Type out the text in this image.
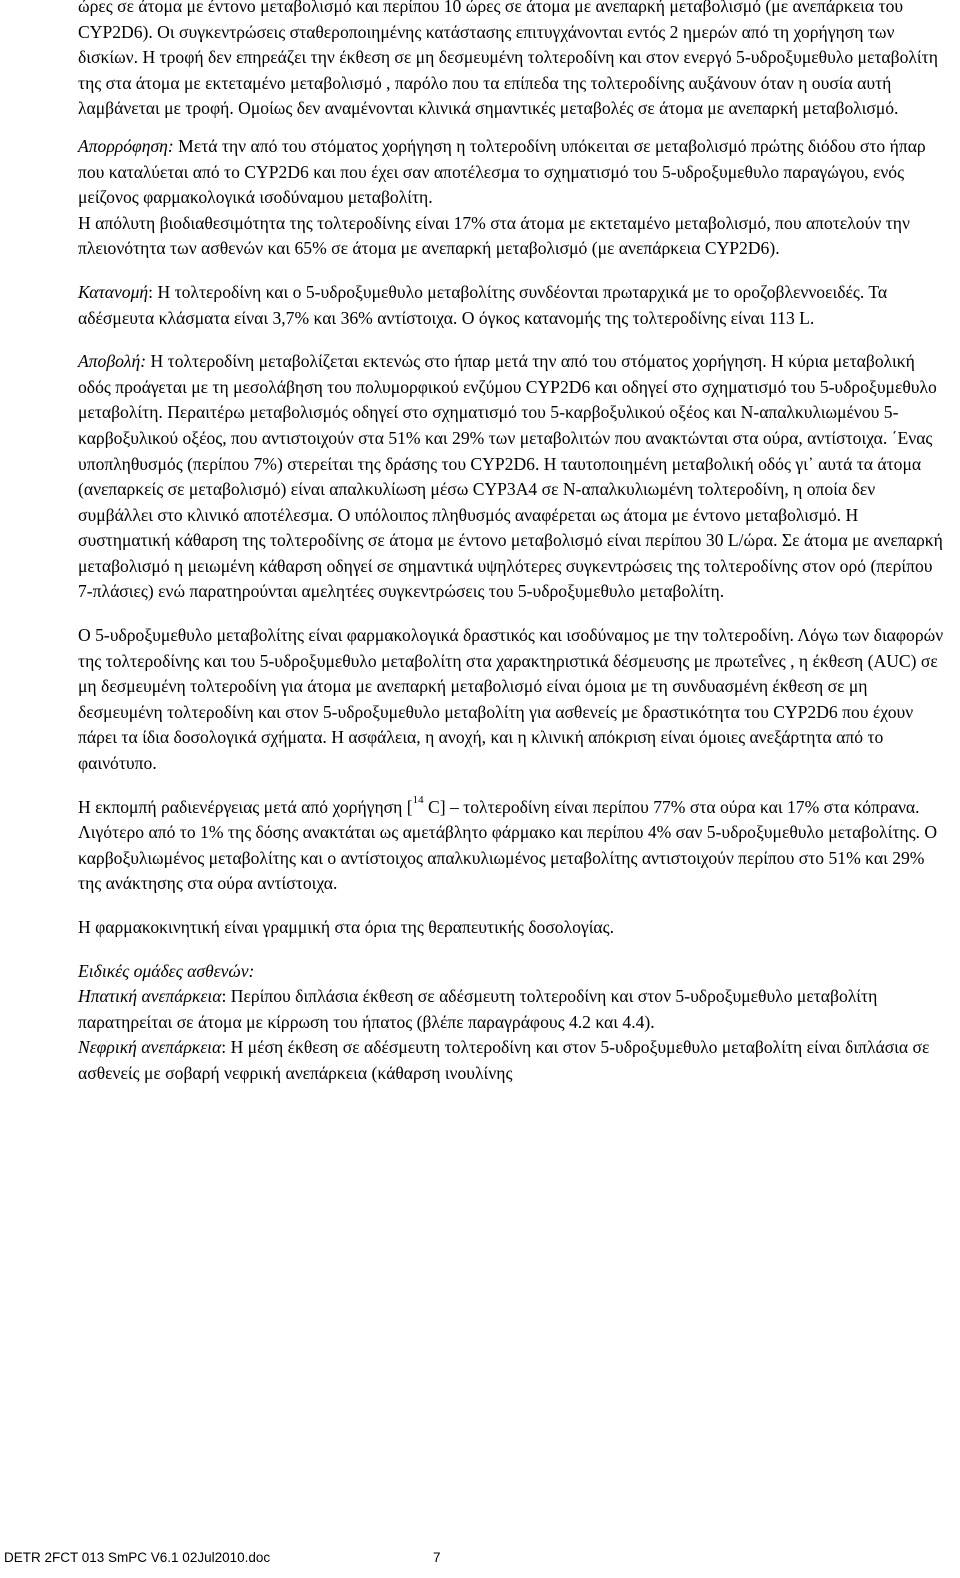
ώρες σε άτομα με έντονο μεταβολισμό και περίπου 10 ώρες σε άτομα με ανεπαρκή μεταβολισμό (με ανεπάρκεια του CYP2D6). Οι συγκεντρώσεις σταθεροποιημένης κατάστασης επιτυγχάνονται εντός 2 ημερών από τη χορήγηση των δισκίων. Η τροφή δεν επηρεάζει την έκθεση σε μη δεσμευμένη τολτεροδίνη και στον ενεργό 5-υδροξυμεθυλο μεταβολίτη της στα άτομα με εκτεταμένο μεταβολισμό , παρόλο που τα επίπεδα της τολτεροδίνης αυξάνουν όταν η ουσία αυτή λαμβάνεται με τροφή. Ομοίως δεν αναμένονται κλινικά σημαντικές μεταβολές σε άτομα με ανεπαρκή μεταβολισμό.

Απορρόφηση: Μετά την από του στόματος χορήγηση η τολτεροδίνη υπόκειται σε μεταβολισμό πρώτης διόδου στο ήπαρ που καταλύεται από το CYP2D6 και που έχει σαν αποτέλεσμα το σχηματισμό του 5-υδροξυμεθυλο παραγώγου, ενός μείζονος φαρμακολογικά ισοδύναμου μεταβολίτη.

Η απόλυτη βιοδιαθεσιμότητα της τολτεροδίνης είναι 17% στα άτομα με εκτεταμένο μεταβολισμό, που αποτελούν την πλειονότητα των ασθενών και 65% σε άτομα με ανεπαρκή μεταβολισμό (με ανεπάρκεια CYP2D6).

Κατανομή: Η τολτεροδίνη και ο 5-υδροξυμεθυλο μεταβολίτης συνδέονται πρωταρχικά με το οροζοβλεννοειδές. Τα αδέσμευτα κλάσματα είναι 3,7% και 36% αντίστοιχα. Ο όγκος κατανομής της τολτεροδίνης είναι 113 L.

Αποβολή: Η τολτεροδίνη μεταβολίζεται εκτενώς στο ήπαρ μετά την από του στόματος χορήγηση. Η κύρια μεταβολική οδός προάγεται με τη μεσολάβηση του πολυμορφικού ενζύμου CYP2D6 και οδηγεί στο σχηματισμό του 5-υδροξυμεθυλο μεταβολίτη. Περαιτέρω μεταβολισμός οδηγεί στο σχηματισμό του 5-καρβοξυλικού οξέος και Ν-απαλκυλιωμένου 5-καρβοξυλικού οξέος, που αντιστοιχούν στα 51% και 29% των μεταβολιτών που ανακτώνται στα ούρα, αντίστοιχα. ΄Ενας υποπληθυσμός (περίπου 7%) στερείται της δράσης του CYP2D6. Η ταυτοποιημένη μεταβολική οδός γι᾽ αυτά τα άτομα (ανεπαρκείς σε μεταβολισμό) είναι απαλκυλίωση μέσω CYP3A4 σε Ν-απαλκυλιωμένη τολτεροδίνη, η οποία δεν συμβάλλει στο κλινικό αποτέλεσμα. Ο υπόλοιπος πληθυσμός αναφέρεται ως άτομα με έντονο μεταβολισμό. Η συστηματική κάθαρση της τολτεροδίνης σε άτομα με έντονο μεταβολισμό είναι περίπου 30 L/ώρα. Σε άτομα με ανεπαρκή μεταβολισμό η μειωμένη κάθαρση οδηγεί σε σημαντικά υψηλότερες συγκεντρώσεις της τολτεροδίνης στον ορό (περίπου 7-πλάσιες) ενώ παρατηρούνται αμελητέες συγκεντρώσεις του 5-υδροξυμεθυλο μεταβολίτη.

Ο 5-υδροξυμεθυλο μεταβολίτης είναι φαρμακολογικά δραστικός και ισοδύναμος με την τολτεροδίνη. Λόγω των διαφορών της τολτεροδίνης και του 5-υδροξυμεθυλο μεταβολίτη στα χαρακτηριστικά δέσμευσης με πρωτεΐνες , η έκθεση (AUC) σε μη δεσμευμένη τολτεροδίνη για άτομα με ανεπαρκή μεταβολισμό είναι όμοια με τη συνδυασμένη έκθεση σε μη δεσμευμένη τολτεροδίνη και στον 5-υδροξυμεθυλο μεταβολίτη για ασθενείς με δραστικότητα του CYP2D6 που έχουν πάρει τα ίδια δοσολογικά σχήματα. Η ασφάλεια, η ανοχή, και η κλινική απόκριση είναι όμοιες ανεξάρτητα από το φαινότυπο.

Η εκπομπή ραδιενέργειας μετά από χορήγηση [$^{14}$ C] – τολτεροδίνη είναι περίπου 77% στα ούρα και 17% στα κόπρανα. Λιγότερο από το 1% της δόσης ανακτάται ως αμετάβλητο φάρμακο και περίπου 4% σαν 5-υδροξυμεθυλο μεταβολίτης. Ο καρβοξυλιωμένος μεταβολίτης και ο αντίστοιχος απαλκυλιωμένος μεταβολίτης αντιστοιχούν περίπου στο 51% και 29% της ανάκτησης στα ούρα αντίστοιχα.

Η φαρμακοκινητική είναι γραμμική στα όρια της θεραπευτικής δοσολογίας.

Ειδικές ομάδες ασθενών:

Ηπατική ανεπάρκεια: Περίπου διπλάσια έκθεση σε αδέσμευτη τολτεροδίνη και στον 5-υδροξυμεθυλο μεταβολίτη παρατηρείται σε άτομα με κίρρωση του ήπατος (βλέπε παραγράφους 4.2 και 4.4).

Νεφρική ανεπάρκεια: Η μέση έκθεση σε αδέσμευτη τολτεροδίνη και στον 5-υδροξυμεθυλο μεταβολίτη είναι διπλάσια σε ασθενείς με σοβαρή νεφρική ανεπάρκεια (κάθαρση ινουλίνης

DETR 2FCT 013 SmPC V6.1 02Jul2010.doc	7
